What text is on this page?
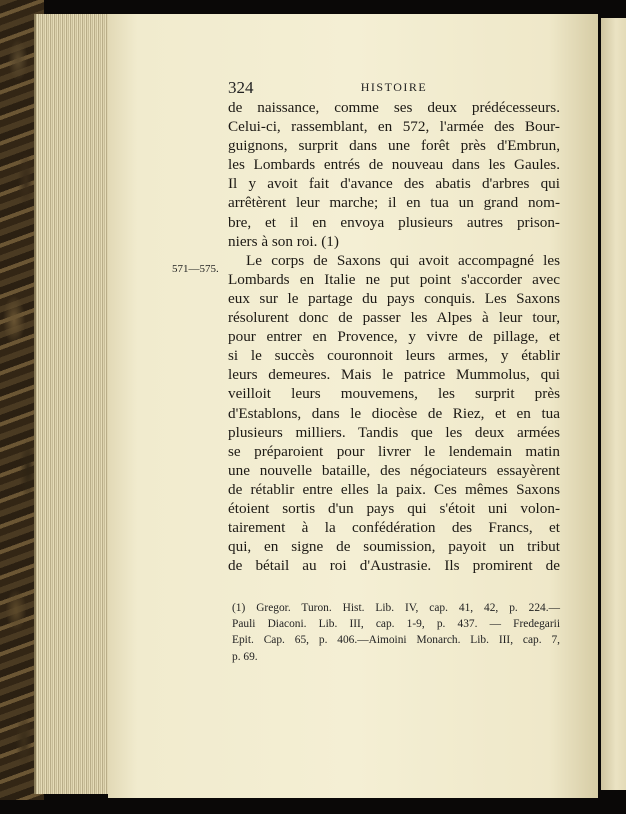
324	HISTOIRE
571—575.
de naissance, comme ses deux prédécesseurs.
Celui-ci, rassemblant, en 572, l'armée des Bour-
guignons, surprit dans une forêt près d'Embrun,
les Lombards entrés de nouveau dans les Gaules.
Il y avoit fait d'avance des abatis d'arbres qui
arrêtèrent leur marche; il en tua un grand nom-
bre, et il en envoya plusieurs autres prison-
niers à son roi. (1)
Le corps de Saxons qui avoit accompagné les
Lombards en Italie ne put point s'accorder avec
eux sur le partage du pays conquis. Les Saxons
résolurent donc de passer les Alpes à leur tour,
pour entrer en Provence, y vivre de pillage, et
si le succès couronnoit leurs armes, y établir
leurs demeures. Mais le patrice Mummolus, qui
veilloit leurs mouvemens, les surprit près
d'Establons, dans le diocèse de Riez, et en tua
plusieurs milliers. Tandis que les deux armées
se préparoient pour livrer le lendemain matin
une nouvelle bataille, des négociateurs essayèrent
de rétablir entre elles la paix. Ces mêmes Saxons
étoient sortis d'un pays qui s'étoit uni volon-
tairement à la confédération des Francs, et
qui, en signe de soumission, payoit un tribut
de bétail au roi d'Austrasie. Ils promirent de
(1) Gregor. Turon. Hist. Lib. IV, cap. 41, 42, p. 224.—
Pauli Diaconi. Lib. III, cap. 1-9, p. 437. — Fredegarii
Epit. Cap. 65, p. 406.—Aimoini Monarch. Lib. III, cap. 7,
p. 69.
